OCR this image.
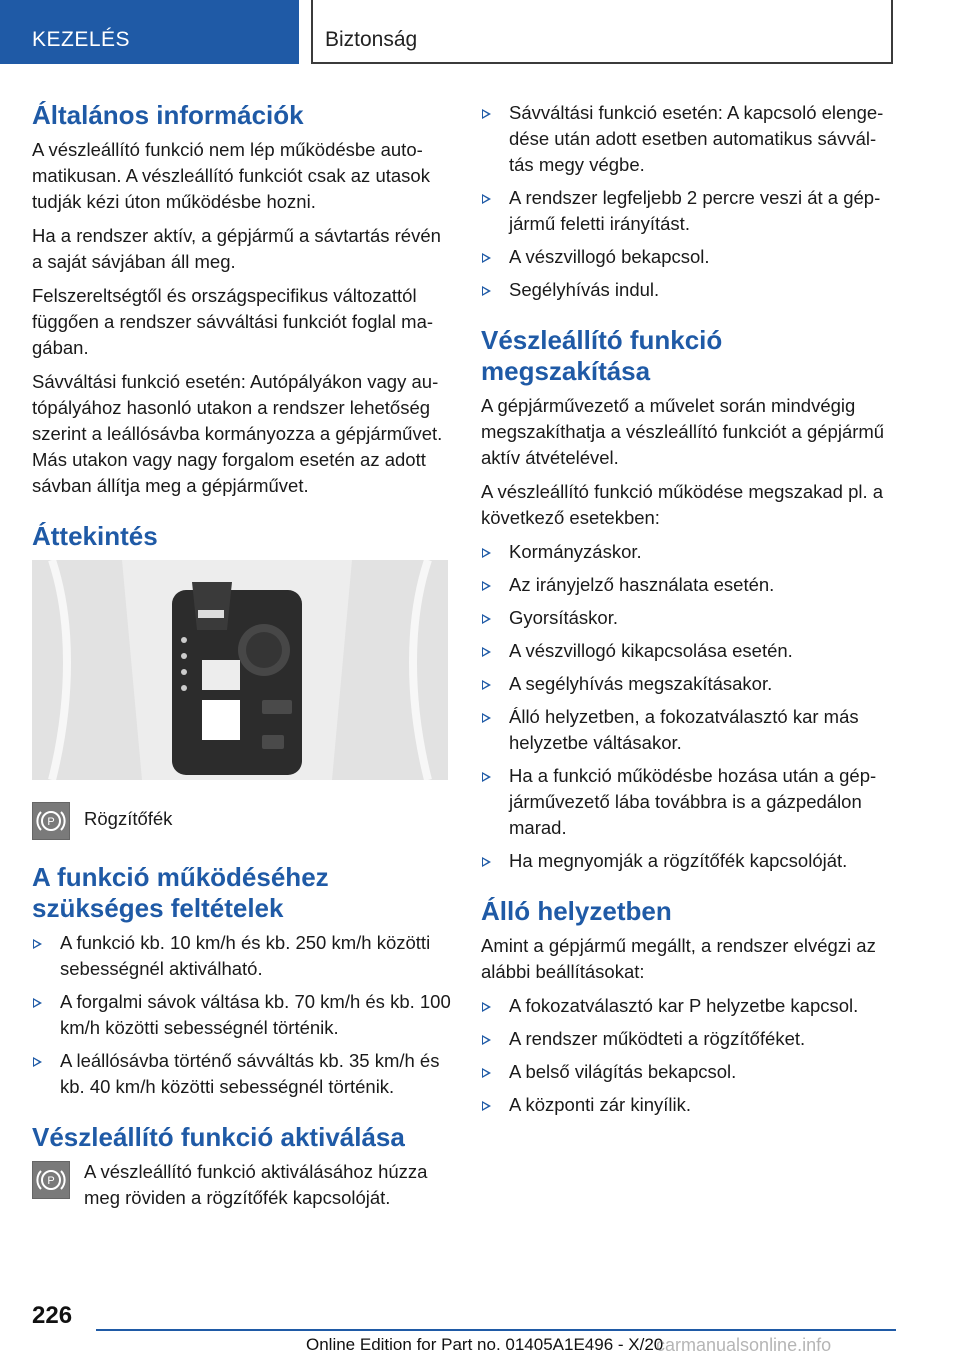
KEZELÉS	Biztonság
Általános információk

A vészleállító funkció nem lép működésbe auto-matikusan. A vészleállító funkciót csak az utasok tudják kézi úton működésbe hozni.

Ha a rendszer aktív, a gépjármű a sávtartás révén a saját sávjában áll meg.

Felszereltségtől és országspecifikus változattól függően a rendszer sávváltási funkciót foglal ma-gában.

Sávváltási funkció esetén: Autópályákon vagy au-tópályához hasonló utakon a rendszer lehetőség szerint a leállósávba kormányozza a gépjárművet. Más utakon vagy nagy forgalom esetén az adott sávban állítja meg a gépjárművet.

Áttekintés
P Rögzítőfék

A funkció működéséhez szükséges feltételek
A funkció kb. 10 km/h és kb. 250 km/h közötti sebességnél aktiválható.
A forgalmi sávok váltása kb. 70 km/h és kb. 100 km/h közötti sebességnél történik.
A leállósávba történő sávváltás kb. 35 km/h és kb. 40 km/h közötti sebességnél történik.
Vészleállító funkció aktiválása
P A vészleállító funkció aktiválásához húzza meg röviden a rögzítőfék kapcsolóját.

Sávváltási funkció esetén: A kapcsoló elenge-dése után adott esetben automatikus sávvál-tás megy végbe.
A rendszer legfeljebb 2 percre veszi át a gép-jármű feletti irányítást.
A vészvillogó bekapcsol.
Segélyhívás indul.
Vészleállító funkció megszakítása

A gépjárművezető a művelet során mindvégig megszakíthatja a vészleállító funkciót a gépjármű aktív átvételével.

A vészleállító funkció működése megszakad pl. a következő esetekben:

Kormányzáskor.
Az irányjelző használata esetén.
Gyorsításkor.
A vészvillogó kikapcsolása esetén.
A segélyhívás megszakításakor.
Álló helyzetben, a fokozatválasztó kar más helyzetbe váltásakor.
Ha a funkció működésbe hozása után a gép-járművezető lába továbbra is a gázpedálon marad.
Ha megnyomják a rögzítőfék kapcsolóját.
Álló helyzetben

Amint a gépjármű megállt, a rendszer elvégzi az alábbi beállításokat:

A fokozatválasztó kar P helyzetbe kapcsol.
A rendszer működteti a rögzítőféket.
A belső világítás bekapcsol.
A központi zár kinyílik.
226
Online Edition for Part no. 01405A1E496 - X/20
carmanualsonline.info
